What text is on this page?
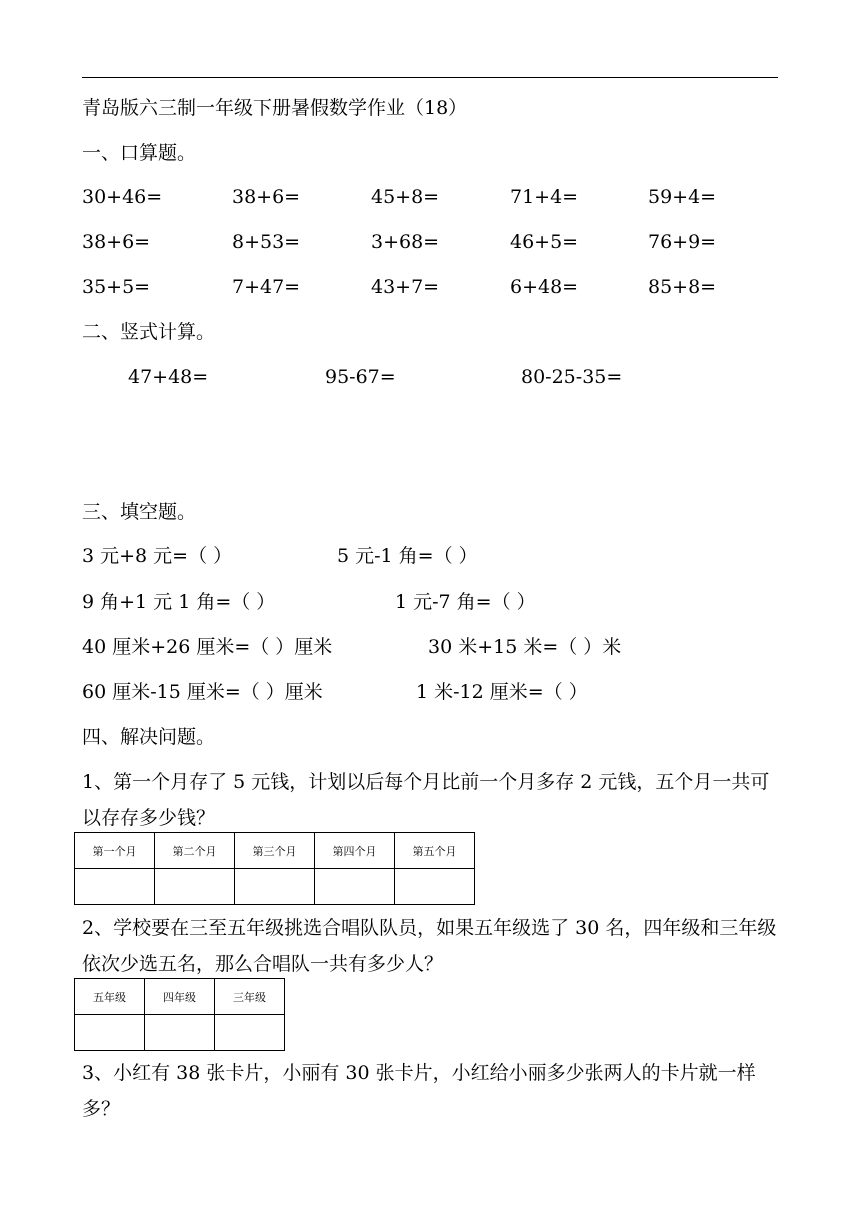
青岛版六三制一年级下册暑假数学作业（18）
一、口算题。
30+46=	38+6=	45+8=	71+4=	59+4=
38+6=	8+53=	3+68=	46+5=	76+9=
35+5=	7+47=	43+7=	6+48=	85+8=
二、竖式计算。
47+48=	95-67=	80-25-35=
三、填空题。
3 元+8 元=（ ）	5 元-1 角=（ ）
9 角+1 元 1 角=（ ）	1 元-7 角=（ ）
40 厘米+26 厘米=（ ）厘米	30 米+15 米=（ ）米
60 厘米-15 厘米=（ ）厘米	1 米-12 厘米=（ ）
四、解决问题。
1、第一个月存了 5 元钱，计划以后每个月比前一个月多存 2 元钱，五个月一共可以存存多少钱？
第一个月	第二个月	第三个月	第四个月	第五个月

2、学校要在三至五年级挑选合唱队队员，如果五年级选了 30 名，四年级和三年级依次少选五名，那么合唱队一共有多少人？
五年级	四年级	三年级

3、小红有 38 张卡片，小丽有 30 张卡片，小红给小丽多少张两人的卡片就一样多？
